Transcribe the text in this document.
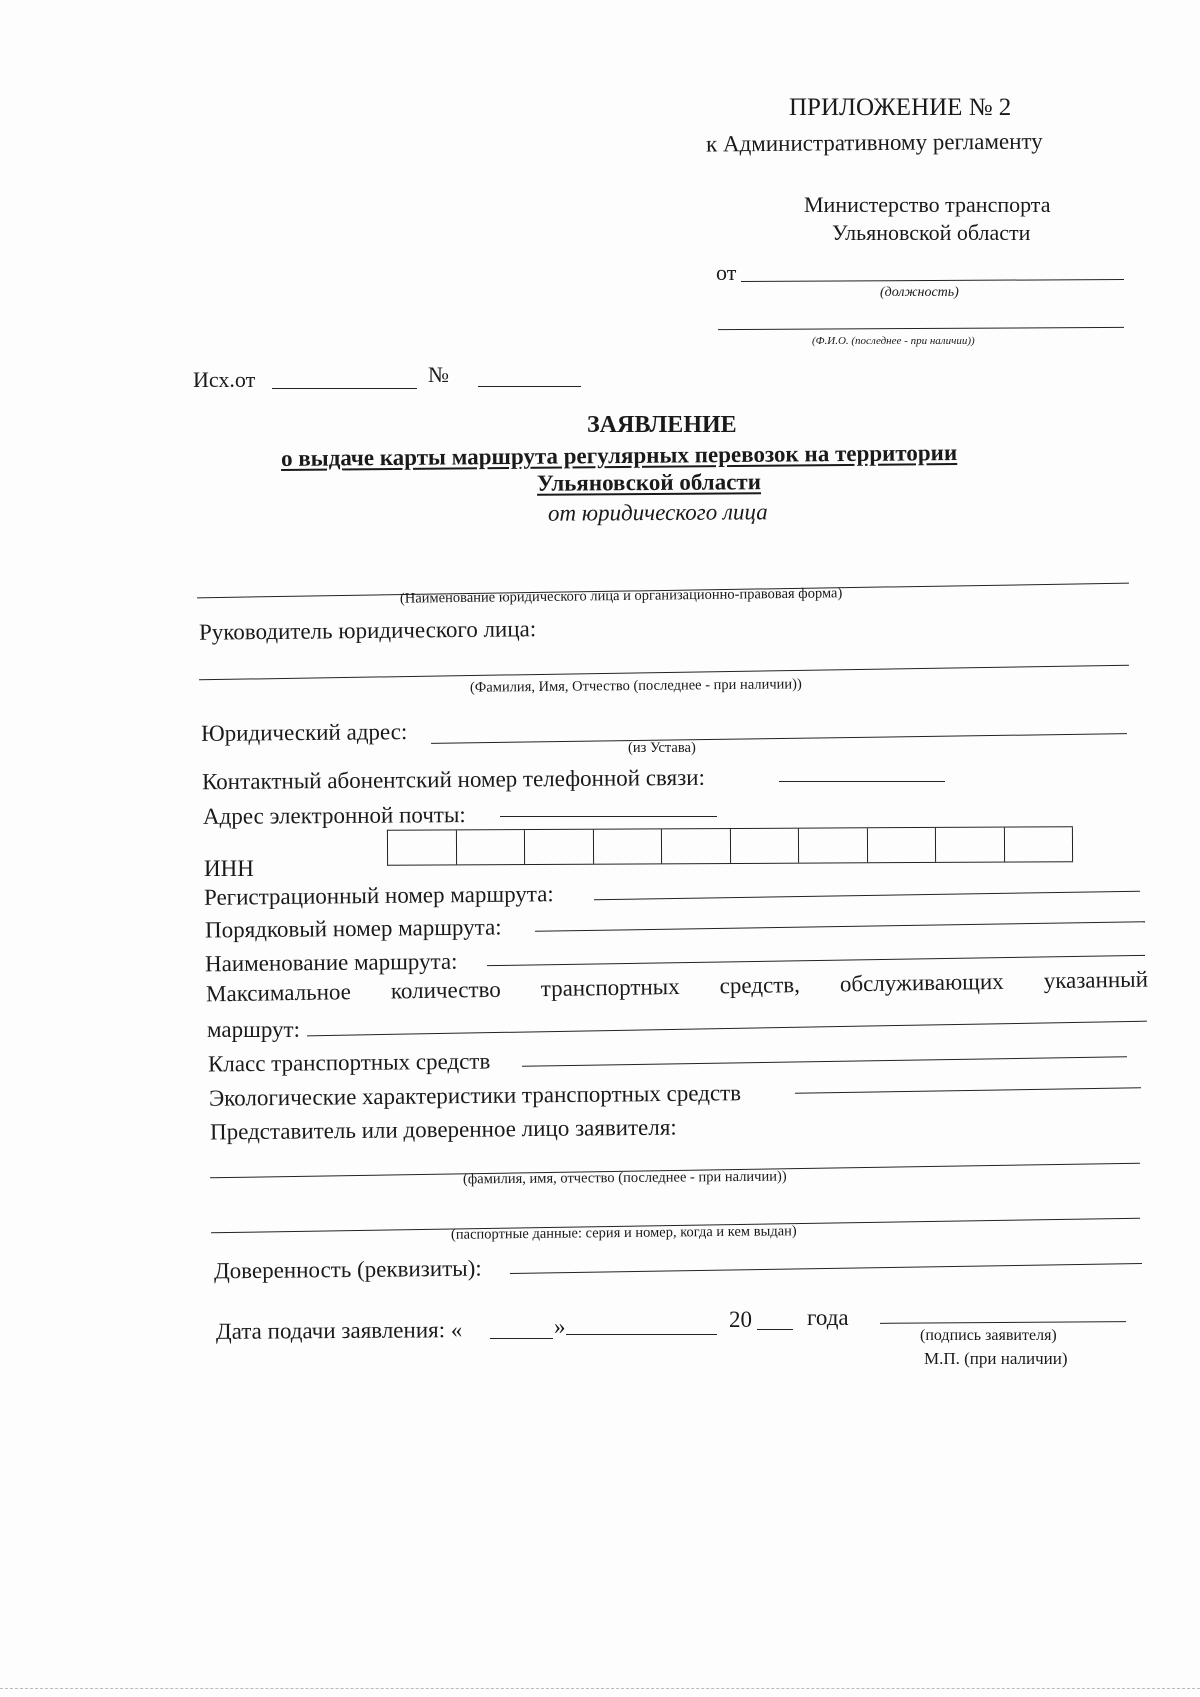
ПРИЛОЖЕНИЕ № 2
к Административному регламенту
Министерство транспорта
Ульяновской области
от
(должность)
(Ф.И.О. (последнее - при наличии))
Исх.от	№
ЗАЯВЛЕНИЕ
о выдаче карты маршрута регулярных перевозок на территории
Ульяновской области
от юридического лица
(Наименование юридического лица и организационно-правовая форма)
Руководитель юридического лица:
(Фамилия, Имя, Отчество (последнее - при наличии))
Юридический адрес:
(из Устава)
Контактный абонентский номер телефонной связи:
Адрес электронной почты:
ИНН
Регистрационный номер маршрута:
Порядковый номер маршрута:
Наименование маршрута:
Максимальное количество транспортных средств, обслуживающих указанный
маршрут:
Класс транспортных средств
Экологические характеристики транспортных средств
Представитель или доверенное лицо заявителя:
(фамилия, имя, отчество (последнее - при наличии))
(паспортные данные: серия и номер, когда и кем выдан)
Доверенность (реквизиты):
Дата подачи заявления: «	»	20 года
(подпись заявителя)
М.П. (при наличии)
